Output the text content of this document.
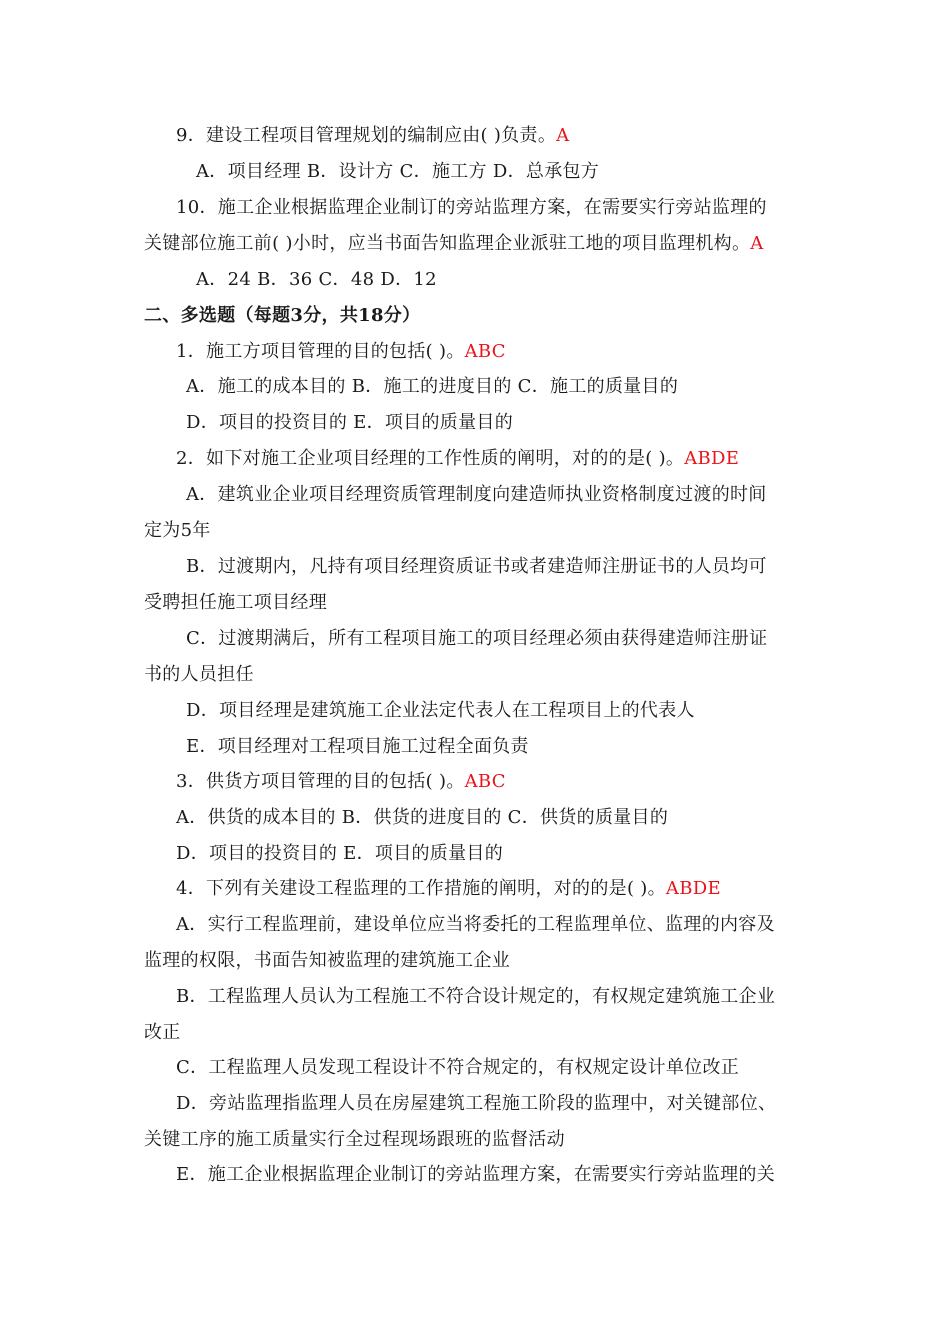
9．建设工程项目管理规划的编制应由( )负责。A
A．项目经理 B．设计方 C．施工方 D．总承包方
10．施工企业根据监理企业制订的旁站监理方案，在需要实行旁站监理的
关键部位施工前( )小时，应当书面告知监理企业派驻工地的项目监理机构。A
A．24 B．36 C．48 D．12
二、多选题（每题3分，共18分）
1．施工方项目管理的目的包括( )。ABC
A．施工的成本目的 B．施工的进度目的 C．施工的质量目的
D．项目的投资目的 E．项目的质量目的
2．如下对施工企业项目经理的工作性质的阐明，对的的是( )。ABDE
A．建筑业企业项目经理资质管理制度向建造师执业资格制度过渡的时间
定为5年
B．过渡期内，凡持有项目经理资质证书或者建造师注册证书的人员均可
受聘担任施工项目经理
C．过渡期满后，所有工程项目施工的项目经理必须由获得建造师注册证
书的人员担任
D．项目经理是建筑施工企业法定代表人在工程项目上的代表人
E．项目经理对工程项目施工过程全面负责
3．供货方项目管理的目的包括( )。ABC
A．供货的成本目的 B．供货的进度目的 C．供货的质量目的
D．项目的投资目的 E．项目的质量目的
4．下列有关建设工程监理的工作措施的阐明，对的的是( )。ABDE
A．实行工程监理前，建设单位应当将委托的工程监理单位、监理的内容及
监理的权限，书面告知被监理的建筑施工企业
B．工程监理人员认为工程施工不符合设计规定的，有权规定建筑施工企业
改正
C．工程监理人员发现工程设计不符合规定的，有权规定设计单位改正
D．旁站监理指监理人员在房屋建筑工程施工阶段的监理中，对关键部位、
关键工序的施工质量实行全过程现场跟班的监督活动
E．施工企业根据监理企业制订的旁站监理方案，在需要实行旁站监理的关
